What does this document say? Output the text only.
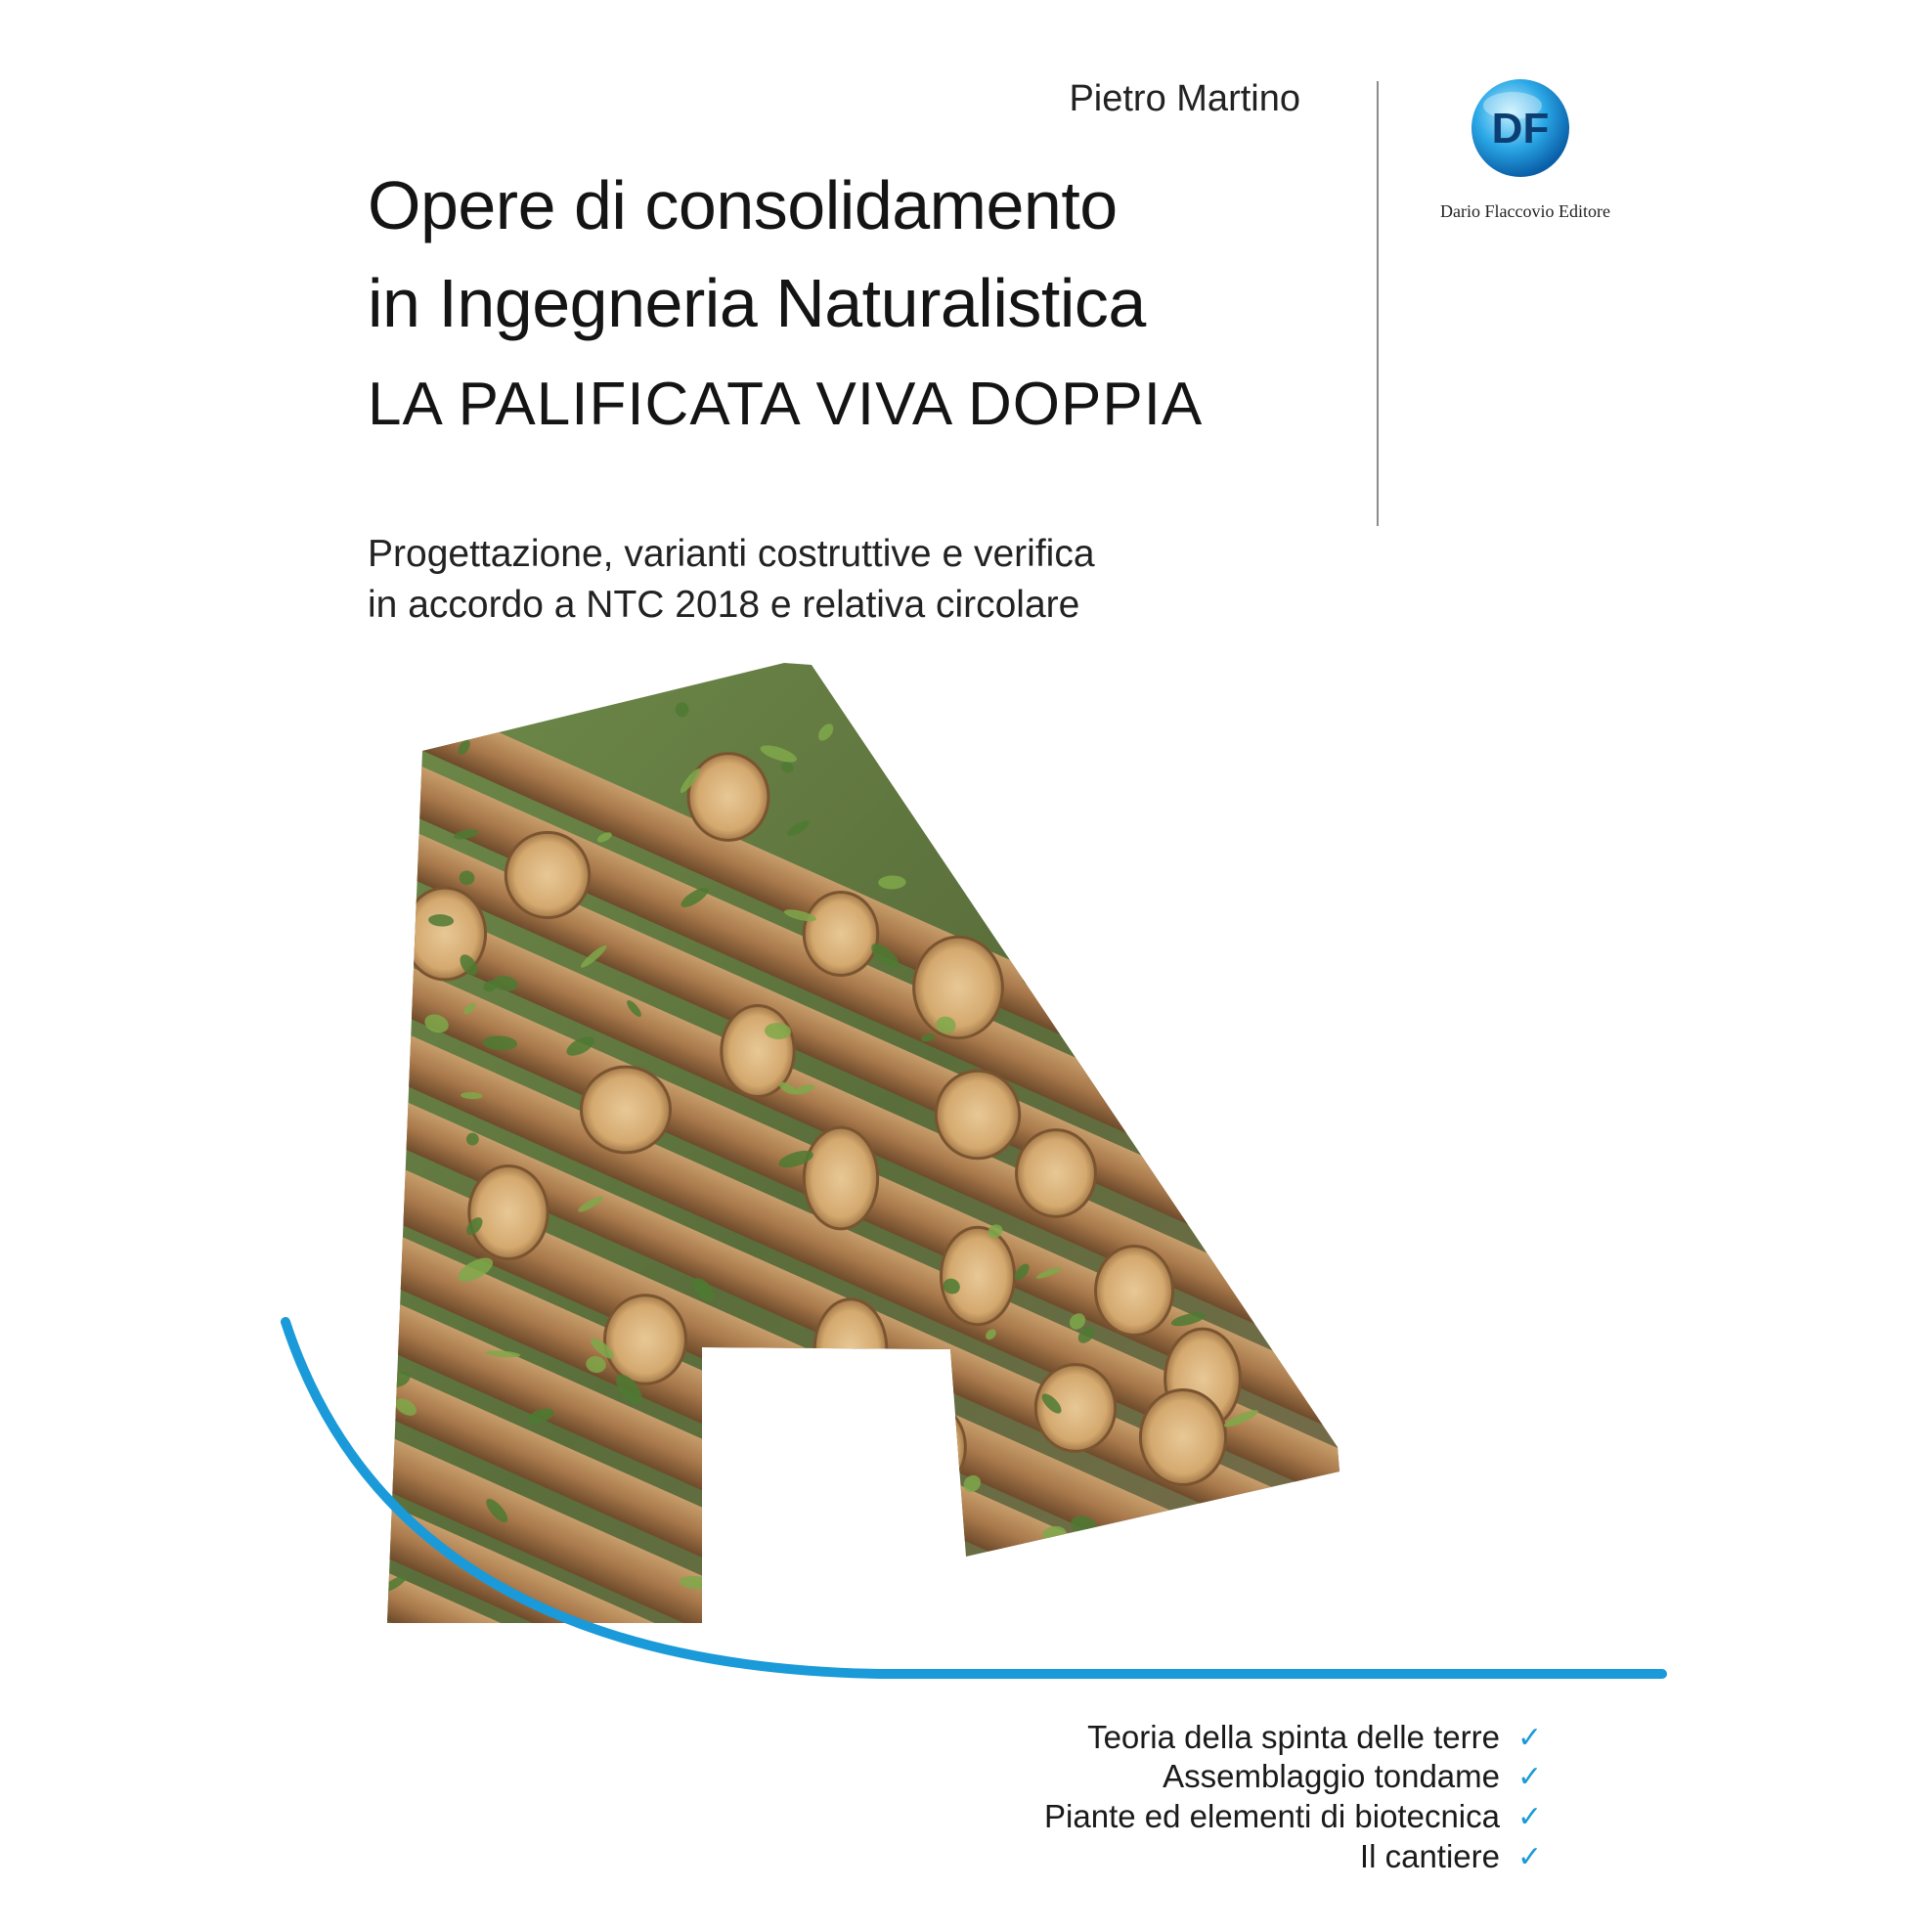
Pietro Martino
DF
Dario Flaccovio Editore
Opere di consolidamento
in Ingegneria Naturalistica
LA PALIFICATA VIVA DOPPIA
Progettazione, varianti costruttive e verifica
in accordo a NTC 2018 e relativa circolare
Teoria della spinta delle terre ✓
Assemblaggio tondame ✓
Piante ed elementi di biotecnica ✓
Il cantiere ✓
